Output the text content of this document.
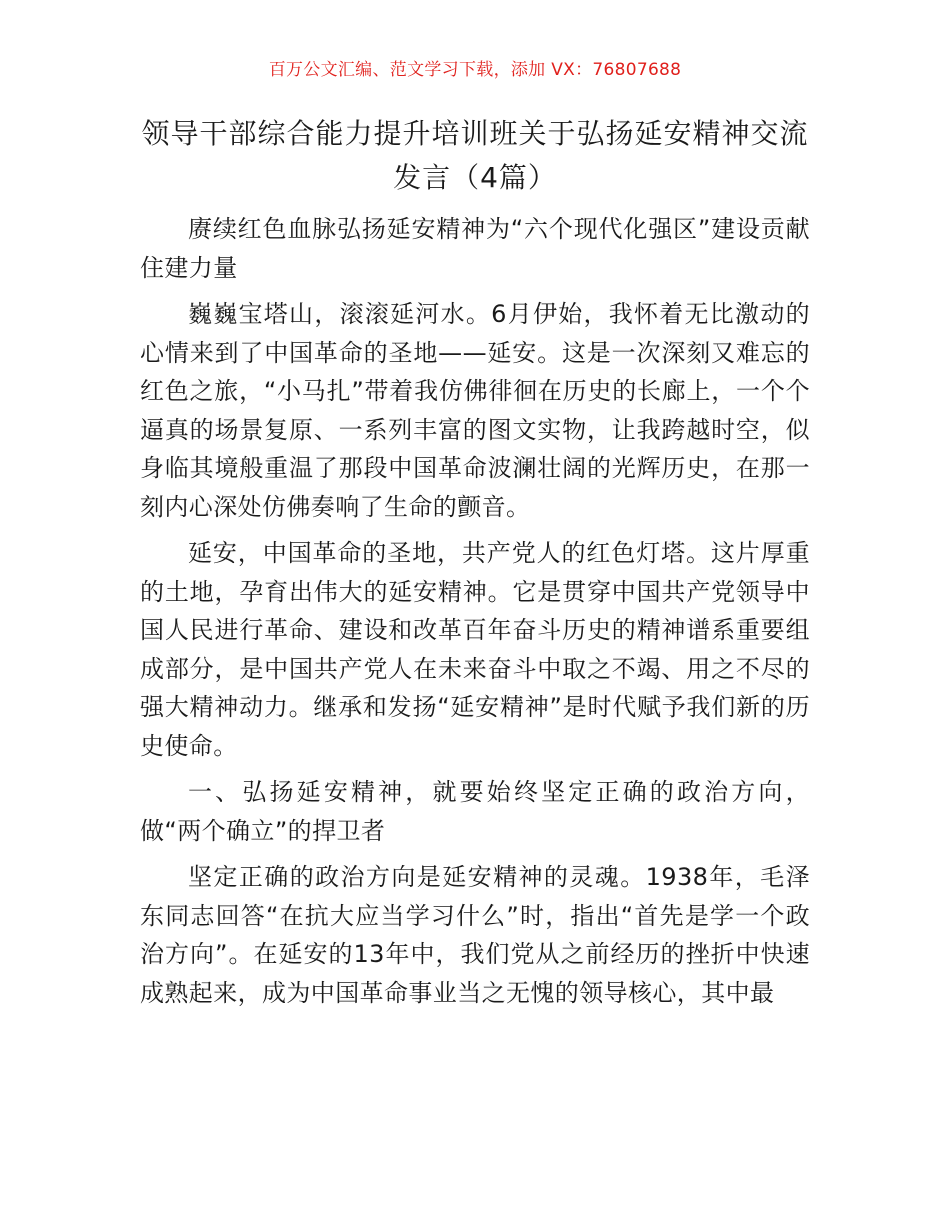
百万公文汇编、范文学习下载，添加 VX：76807688
领导干部综合能力提升培训班关于弘扬延安精神交流发言（4篇）

赓续红色血脉弘扬延安精神为“六个现代化强区”建设贡献住建力量

巍巍宝塔山，滚滚延河水。6月伊始，我怀着无比激动的心情来到了中国革命的圣地——延安。这是一次深刻又难忘的红色之旅，“小马扎”带着我仿佛徘徊在历史的长廊上，一个个逼真的场景复原、一系列丰富的图文实物，让我跨越时空，似身临其境般重温了那段中国革命波澜壮阔的光辉历史，在那一刻内心深处仿佛奏响了生命的颤音。

延安，中国革命的圣地，共产党人的红色灯塔。这片厚重的土地，孕育出伟大的延安精神。它是贯穿中国共产党领导中国人民进行革命、建设和改革百年奋斗历史的精神谱系重要组成部分，是中国共产党人在未来奋斗中取之不竭、用之不尽的强大精神动力。继承和发扬“延安精神”是时代赋予我们新的历史使命。

一、弘扬延安精神，就要始终坚定正确的政治方向，做“两个确立”的捍卫者

坚定正确的政治方向是延安精神的灵魂。1938年，毛泽东同志回答“在抗大应当学习什么”时，指出“首先是学一个政治方向”。在延安的13年中，我们党从之前经历的挫折中快速成熟起来，成为中国革命事业当之无愧的领导核心，其中最
